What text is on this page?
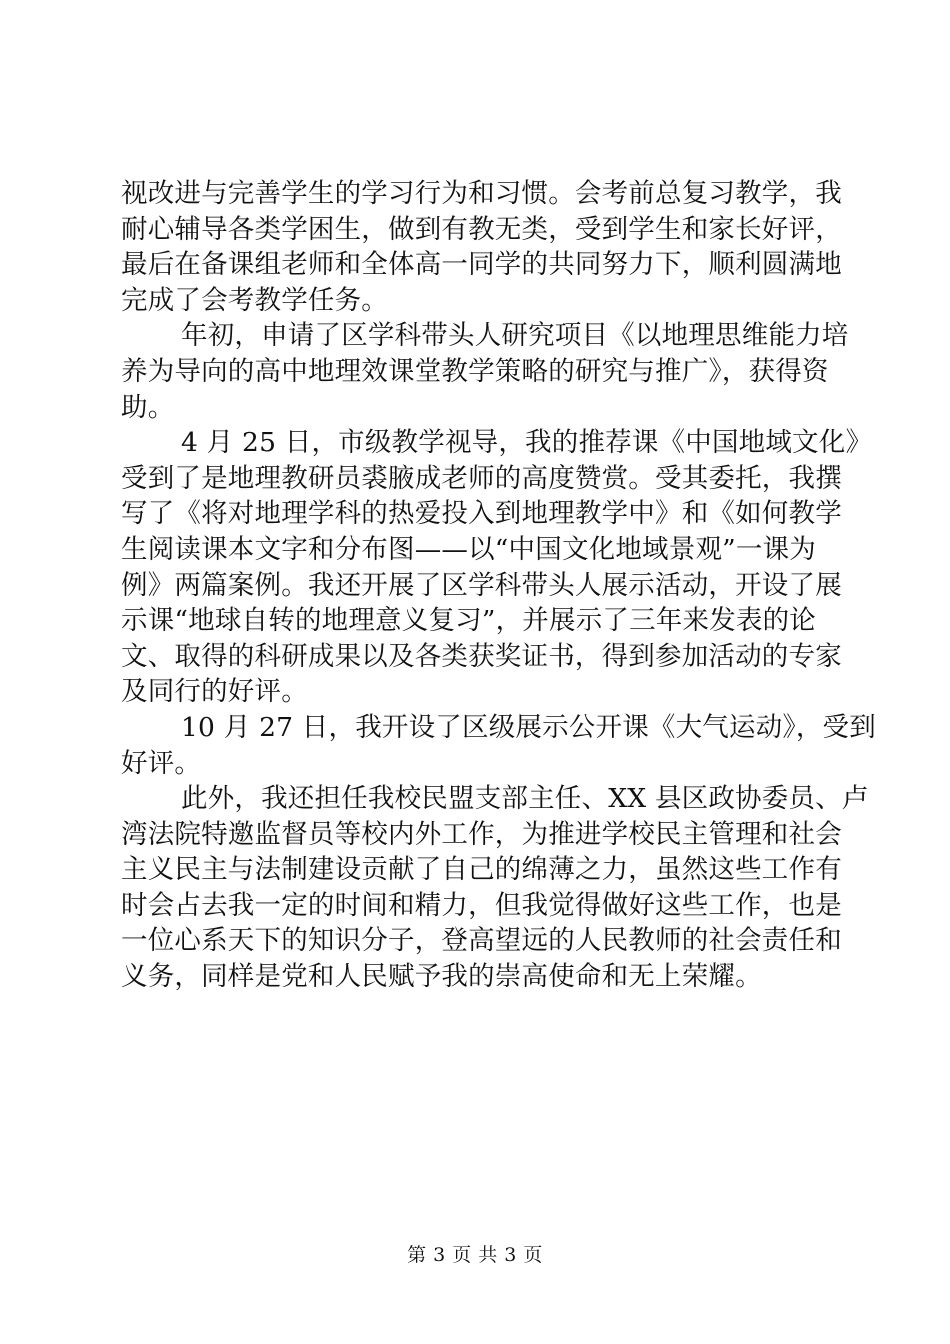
视改进与完善学生的学习行为和习惯。会考前总复习教学，我
耐心辅导各类学困生，做到有教无类，受到学生和家长好评，
最后在备课组老师和全体高一同学的共同努力下，顺利圆满地
完成了会考教学任务。
年初，申请了区学科带头人研究项目《以地理思维能力培
养为导向的高中地理效课堂教学策略的研究与推广》，获得资
助。
4 月 25 日，市级教学视导，我的推荐课《中国地域文化》
受到了是地理教研员裘腋成老师的高度赞赏。受其委托，我撰
写了《将对地理学科的热爱投入到地理教学中》和《如何教学
生阅读课本文字和分布图——以“中国文化地域景观”一课为
例》两篇案例。我还开展了区学科带头人展示活动，开设了展
示课“地球自转的地理意义复习”，并展示了三年来发表的论
文、取得的科研成果以及各类获奖证书，得到参加活动的专家
及同行的好评。
10 月 27 日，我开设了区级展示公开课《大气运动》，受到
好评。
此外，我还担任我校民盟支部主任、XX 县区政协委员、卢
湾法院特邀监督员等校内外工作，为推进学校民主管理和社会
主义民主与法制建设贡献了自己的绵薄之力，虽然这些工作有
时会占去我一定的时间和精力，但我觉得做好这些工作，也是
一位心系天下的知识分子，登高望远的人民教师的社会责任和
义务，同样是党和人民赋予我的崇高使命和无上荣耀。
第 3 页 共 3 页
